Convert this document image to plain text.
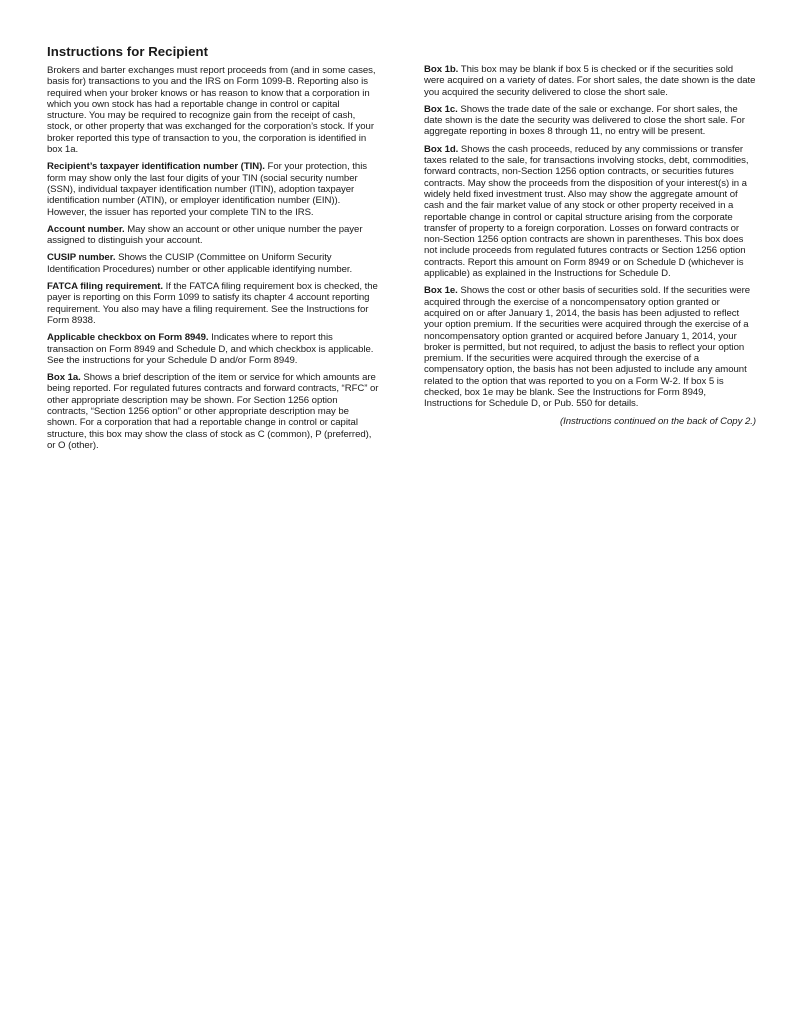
Instructions for Recipient

Brokers and barter exchanges must report proceeds from (and in some cases, basis for) transactions to you and the IRS on Form 1099-B. Reporting also is required when your broker knows or has reason to know that a corporation in which you own stock has had a reportable change in control or capital structure. You may be required to recognize gain from the receipt of cash, stock, or other property that was exchanged for the corporation’s stock. If your broker reported this type of transaction to you, the corporation is identified in box 1a.

Recipient’s taxpayer identification number (TIN). For your protection, this form may show only the last four digits of your TIN (social security number (SSN), individual taxpayer identification number (ITIN), adoption taxpayer identification number (ATIN), or employer identification number (EIN)). However, the issuer has reported your complete TIN to the IRS.

Account number. May show an account or other unique number the payer assigned to distinguish your account.

CUSIP number. Shows the CUSIP (Committee on Uniform Security Identification Procedures) number or other applicable identifying number.

FATCA filing requirement. If the FATCA filing requirement box is checked, the payer is reporting on this Form 1099 to satisfy its chapter 4 account reporting requirement. You also may have a filing requirement. See the Instructions for Form 8938.

Applicable checkbox on Form 8949. Indicates where to report this transaction on Form 8949 and Schedule D, and which checkbox is applicable. See the instructions for your Schedule D and/or Form 8949.

Box 1a. Shows a brief description of the item or service for which amounts are being reported. For regulated futures contracts and forward contracts, “RFC” or other appropriate description may be shown. For Section 1256 option contracts, “Section 1256 option” or other appropriate description may be shown. For a corporation that had a reportable change in control or capital structure, this box may show the class of stock as C (common), P (preferred), or O (other).

Box 1b. This box may be blank if box 5 is checked or if the securities sold were acquired on a variety of dates. For short sales, the date shown is the date you acquired the security delivered to close the short sale.

Box 1c. Shows the trade date of the sale or exchange. For short sales, the date shown is the date the security was delivered to close the short sale. For aggregate reporting in boxes 8 through 11, no entry will be present.

Box 1d. Shows the cash proceeds, reduced by any commissions or transfer taxes related to the sale, for transactions involving stocks, debt, commodities, forward contracts, non-Section 1256 option contracts, or securities futures contracts. May show the proceeds from the disposition of your interest(s) in a widely held fixed investment trust. Also may show the aggregate amount of cash and the fair market value of any stock or other property received in a reportable change in control or capital structure arising from the corporate transfer of property to a foreign corporation. Losses on forward contracts or non-Section 1256 option contracts are shown in parentheses. This box does not include proceeds from regulated futures contracts or Section 1256 option contracts. Report this amount on Form 8949 or on Schedule D (whichever is applicable) as explained in the Instructions for Schedule D.

Box 1e. Shows the cost or other basis of securities sold. If the securities were acquired through the exercise of a noncompensatory option granted or acquired on or after January 1, 2014, the basis has been adjusted to reflect your option premium. If the securities were acquired through the exercise of a noncompensatory option granted or acquired before January 1, 2014, your broker is permitted, but not required, to adjust the basis to reflect your option premium. If the securities were acquired through the exercise of a compensatory option, the basis has not been adjusted to include any amount related to the option that was reported to you on a Form W-2. If box 5 is checked, box 1e may be blank. See the Instructions for Form 8949, Instructions for Schedule D, or Pub. 550 for details.

(Instructions continued on the back of Copy 2.)
